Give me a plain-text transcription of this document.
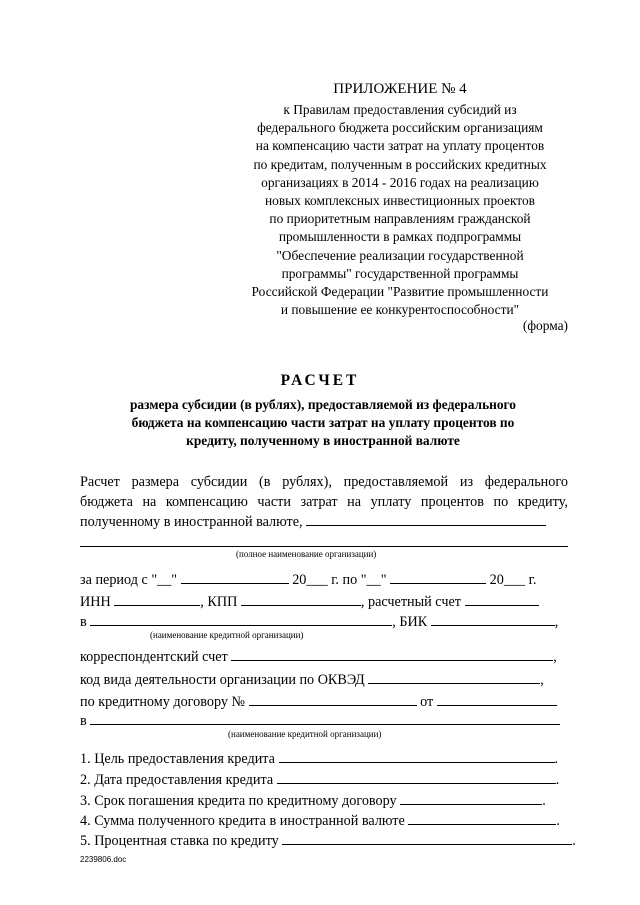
ПРИЛОЖЕНИЕ № 4
к Правилам предоставления субсидий из
федерального бюджета российским организациям
на компенсацию части затрат на уплату процентов
по кредитам, полученным в российских кредитных
организациях в 2014 - 2016 годах на реализацию
новых комплексных инвестиционных проектов
по приоритетным направлениям гражданской
промышленности в рамках подпрограммы
"Обеспечение реализации государственной
программы" государственной программы
Российской Федерации "Развитие промышленности
и повышение ее конкурентоспособности"
(форма)
РАСЧЕТ
размера субсидии (в рублях), предоставляемой из федерального
бюджета на компенсацию части затрат на уплату процентов по
кредиту, полученному в иностранной валюте
Расчет размера субсидии (в рублях), предоставляемой из федерального
бюджета на компенсацию части затрат на уплату процентов по кредиту,
полученному в иностранной валюте,
(полное наименование организации)
за период с "__"	20___ г. по "__"	20___ г.
ИНН	, КПП	, расчетный счет
в	, БИК	,
(наименование кредитной организации)
корреспондентский счет	,
код вида деятельности организации по ОКВЭД	,
по кредитному договору №	от
в
(наименование кредитной организации)
1. Цель предоставления кредита	.
2. Дата предоставления кредита	.
3. Срок погашения кредита по кредитному договору	.
4. Сумма полученного кредита в иностранной валюте	.
5. Процентная ставка по кредиту	.
2239806.doc
